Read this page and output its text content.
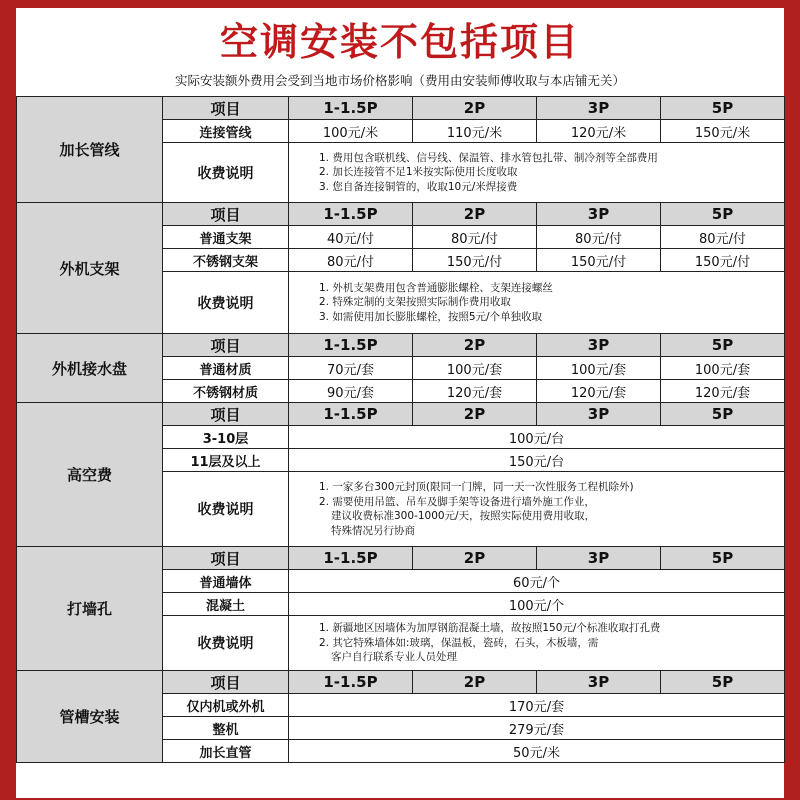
空调安装不包括项目
实际安装额外费用会受到当地市场价格影响（费用由安装师傅收取与本店铺无关）
加长管线	项目	1-1.5P	2P	3P	5P
	连接管线	100元/米	110元/米	120元/米	150元/米
	收费说明	1. 费用包含联机线、信号线、保温管、排水管包扎带、制冷剂等全部费用
2. 加长连接管不足1米按实际使用长度收取
3. 您自备连接铜管的，收取10元/米焊接费			

外机支架	项目	1-1.5P	2P	3P	5P
	普通支架	40元/付	80元/付	80元/付	80元/付
	不锈钢支架	80元/付	150元/付	150元/付	150元/付
	收费说明	1. 外机支架费用包含普通膨胀螺栓、支架连接螺丝
2. 特殊定制的支架按照实际制作费用收取
3. 如需使用加长膨胀螺栓，按照5元/个单独收取			

外机接水盘	项目	1-1.5P	2P	3P	5P
	普通材质	70元/套	100元/套	100元/套	100元/套
	不锈钢材质	90元/套	120元/套	120元/套	120元/套
高空费	项目	1-1.5P	2P	3P	5P
	3-10层	100元/台			
	11层及以上	150元/台			
	收费说明	1. 一家多台300元封顶(限同一门牌，同一天一次性服务工程机除外)
2. 需要使用吊篮、吊车及脚手架等设备进行墙外施工作业，
建议收费标准300-1000元/天，按照实际使用费用收取，
特殊情况另行协商			

打墙孔	项目	1-1.5P	2P	3P	5P
	普通墙体	60元/个			
	混凝土	100元/个			
	收费说明	1. 新疆地区因墙体为加厚钢筋混凝土墙，故按照150元/个标准收取打孔费
2. 其它特殊墙体如:玻璃，保温板，瓷砖，石头，木板墙，需
客户自行联系专业人员处理			

管槽安装	项目	1-1.5P	2P	3P	5P
	仅内机或外机	170元/套			
	整机	279元/套			
	加长直管	50元/米			
